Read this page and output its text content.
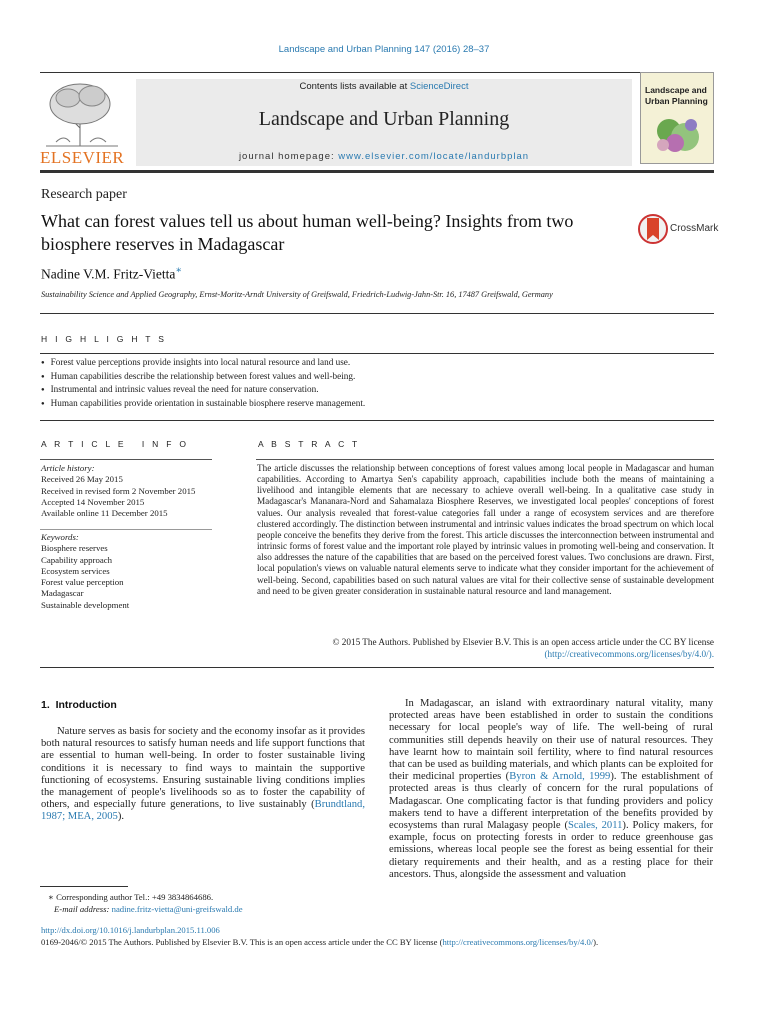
Landscape and Urban Planning 147 (2016) 28–37
ELSEVIER
Contents lists available at ScienceDirect
Landscape and Urban Planning
journal homepage: www.elsevier.com/locate/landurbplan
Landscape and Urban Planning
Research paper
What can forest values tell us about human well-being? Insights from two biosphere reserves in Madagascar
CrossMark
Nadine V.M. Fritz-Vietta∗
Sustainability Science and Applied Geography, Ernst-Moritz-Arndt University of Greifswald, Friedrich-Ludwig-Jahn-Str. 16, 17487 Greifswald, Germany
H I G H L I G H T S
● Forest value perceptions provide insights into local natural resource and land use.
● Human capabilities describe the relationship between forest values and well-being.
● Instrumental and intrinsic values reveal the need for nature conservation.
● Human capabilities provide orientation in sustainable biosphere reserve management.
A R T I C L E   I N F O	A B S T R A C T
Article history:
Received 26 May 2015
Received in revised form 2 November 2015
Accepted 14 November 2015
Available online 11 December 2015
Keywords:
Biosphere reserves
Capability approach
Ecosystem services
Forest value perception
Madagascar
Sustainable development
The article discusses the relationship between conceptions of forest values among local people in Madagascar and human capabilities. According to Amartya Sen's capability approach, capabilities include both the means of maintaining a livelihood and intangible elements that are necessary to achieve overall well-being. In a qualitative case study in Madagascar's Mananara-Nord and Sahamalaza Biosphere Reserves, we investigated local peoples' conceptions of forest values. Our analysis revealed that forest-value categories fall under a range of ecosystem services and are therefore clustered accordingly. The distinction between instrumental and intrinsic values indicates the broad spectrum on which local people conceive the benefits they derive from the forest. This article discusses the interconnection between instrumental and intrinsic forms of forest value and the important role played by intrinsic values in promoting well-being and conservation. It also addresses the nature of the capabilities that are based on the perceived forest values. Two conclusions are drawn. First, local population's views on valuable natural elements serve to indicate what they consider important for the achievement of well-being. Second, capabilities based on such natural values are vital for their collective sense of sustainable development and need to be given greater consideration in sustainable natural resource and land management.
© 2015 The Authors. Published by Elsevier B.V. This is an open access article under the CC BY license
(http://creativecommons.org/licenses/by/4.0/).
1.  Introduction
Nature serves as basis for society and the economy insofar as it provides both natural resources to satisfy human needs and life support functions that are essential to human well-being. In order to foster sustainable living conditions it is necessary to find ways to maintain the supportive functioning of ecosystems. Ensuring sustainable living conditions implies the management of people's livelihoods so as to foster the capability of others, and especially future generations, to live sustainably (Brundtland, 1987; MEA, 2005).
In Madagascar, an island with extraordinary natural vitality, many protected areas have been established in order to sustain the conditions necessary for local people's way of life. The well-being of rural communities still depends heavily on their use of natural resources. They have learnt how to maintain soil fertility, where to find natural resources that can be used as building materials, and which plants can be exploited for their medicinal properties (Byron & Arnold, 1999). The establishment of protected areas is thus clearly of concern for the rural populations of Madagascar. One complicating factor is that funding providers and policy makers tend to have a different interpretation of the benefits provided by ecosystems than rural Malagasy people (Scales, 2011). Policy makers, for example, focus on protecting forests in order to reduce greenhouse gas emissions, whereas local people see the forest as being essential for their dietary requirements and their health, and as a resting place for their ancestors. Thus, alongside the assessment and valuation
∗ Corresponding author Tel.: +49 3834864686.
E-mail address: nadine.fritz-vietta@uni-greifswald.de
http://dx.doi.org/10.1016/j.landurbplan.2015.11.006
0169-2046/© 2015 The Authors. Published by Elsevier B.V. This is an open access article under the CC BY license (http://creativecommons.org/licenses/by/4.0/).
